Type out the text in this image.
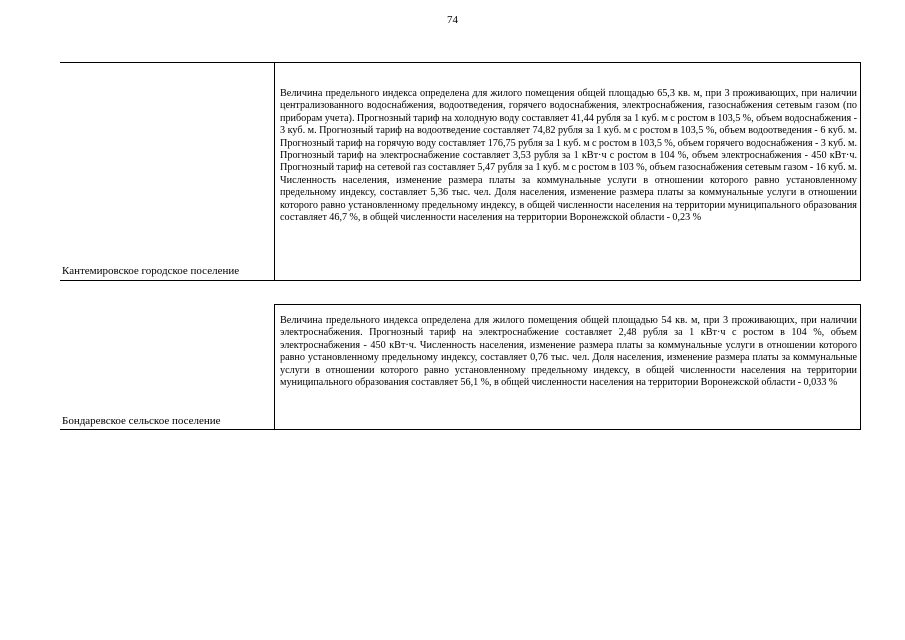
74
Кантемировское городское поселение
Величина предельного индекса определена для жилого помещения общей площадью 65,3 кв. м, при 3 проживающих, при наличии централизованного водоснабжения, водоотведения, горячего водоснабжения, электроснабжения, газоснабжения сетевым газом (по приборам учета). Прогнозный тариф на холодную воду составляет 41,44 рубля за 1 куб. м с ростом в 103,5 %, объем водоснабжения - 3 куб. м. Прогнозный тариф на водоотведение составляет 74,82 рубля за 1 куб. м с ростом в 103,5 %, объем водоотведения - 6 куб. м. Прогнозный тариф на горячую воду составляет 176,75 рубля за 1 куб. м с ростом в 103,5 %, объем горячего водоснабжения - 3 куб. м. Прогнозный тариф на электроснабжение составляет 3,53 рубля за 1 кВт·ч с ростом в 104 %, объем электроснабжения - 450 кВт·ч. Прогнозный тариф на сетевой газ составляет 5,47 рубля за 1 куб. м с ростом в 103 %, объем газоснабжения сетевым газом - 16 куб. м. Численность населения, изменение размера платы за коммунальные услуги в отношении которого равно установленному предельному индексу, составляет 5,36 тыс. чел. Доля населения, изменение размера платы за коммунальные услуги в отношении которого равно установленному предельному индексу, в общей численности населения на территории муниципального образования составляет 46,7 %, в общей численности населения на территории Воронежской области - 0,23 %
Бондаревское сельское поселение
Величина предельного индекса определена для жилого помещения общей площадью 54 кв. м, при 3 проживающих, при наличии электроснабжения. Прогнозный тариф на электроснабжение составляет 2,48 рубля за 1 кВт·ч с ростом в 104 %, объем электроснабжения - 450 кВт·ч. Численность населения, изменение размера платы за коммунальные услуги в отношении которого равно установленному предельному индексу, составляет 0,76 тыс. чел. Доля населения, изменение размера платы за коммунальные услуги в отношении которого равно установленному предельному индексу, в общей численности населения на территории муниципального образования составляет 56,1 %, в общей численности населения на территории Воронежской области - 0,033 %
